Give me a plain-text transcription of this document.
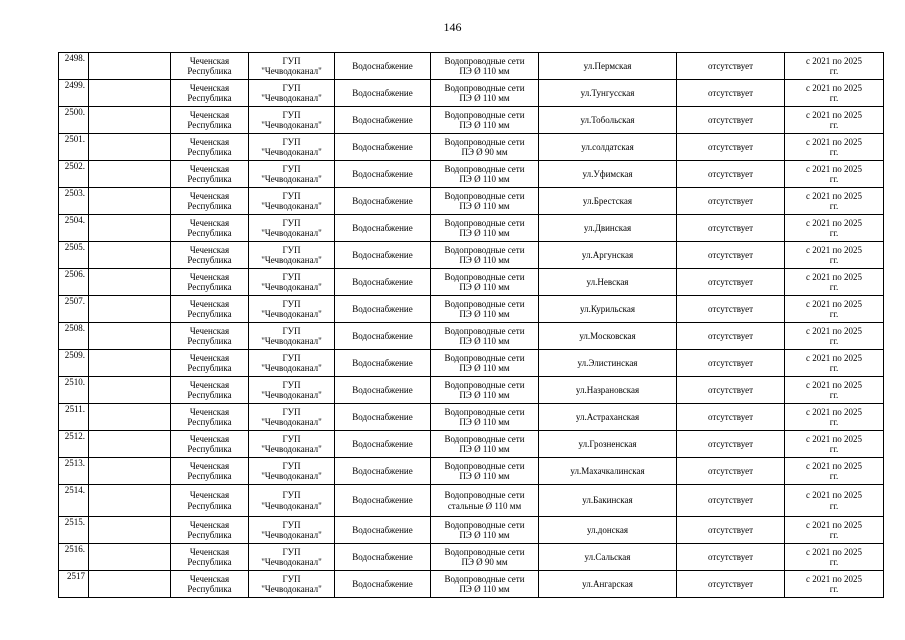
146
2498.		Чеченская
Республика	ГУП
"Чечводоканал"	Водоснабжение	Водопроводные сети
ПЭ Ø 110 мм	ул.Пермская	отсутствует	с 2021 по 2025
гг.

2499.		Чеченская
Республика	ГУП
"Чечводоканал"	Водоснабжение	Водопроводные сети
ПЭ Ø 110 мм	ул.Тунгусская	отсутствует	с 2021 по 2025
гг.

2500.		Чеченская
Республика	ГУП
"Чечводоканал"	Водоснабжение	Водопроводные сети
ПЭ Ø 110 мм	ул.Тобольская	отсутствует	с 2021 по 2025
гг.

2501.		Чеченская
Республика	ГУП
"Чечводоканал"	Водоснабжение	Водопроводные сети
ПЭ Ø 90 мм	ул.солдатская	отсутствует	с 2021 по 2025
гг.

2502.		Чеченская
Республика	ГУП
"Чечводоканал"	Водоснабжение	Водопроводные сети
ПЭ Ø 110 мм	ул.Уфимская	отсутствует	с 2021 по 2025
гг.

2503.		Чеченская
Республика	ГУП
"Чечводоканал"	Водоснабжение	Водопроводные сети
ПЭ Ø 110 мм	ул.Брестская	отсутствует	с 2021 по 2025
гг.

2504.		Чеченская
Республика	ГУП
"Чечводоканал"	Водоснабжение	Водопроводные сети
ПЭ Ø 110 мм	ул.Двинская	отсутствует	с 2021 по 2025
гг.

2505.		Чеченская
Республика	ГУП
"Чечводоканал"	Водоснабжение	Водопроводные сети
ПЭ Ø 110 мм	ул.Аргунская	отсутствует	с 2021 по 2025
гг.

2506.		Чеченская
Республика	ГУП
"Чечводоканал"	Водоснабжение	Водопроводные сети
ПЭ Ø 110 мм	ул.Невская	отсутствует	с 2021 по 2025
гг.

2507.		Чеченская
Республика	ГУП
"Чечводоканал"	Водоснабжение	Водопроводные сети
ПЭ Ø 110 мм	ул.Курильская	отсутствует	с 2021 по 2025
гг.

2508.		Чеченская
Республика	ГУП
"Чечводоканал"	Водоснабжение	Водопроводные сети
ПЭ Ø 110 мм	ул.Московская	отсутствует	с 2021 по 2025
гг.

2509.		Чеченская
Республика	ГУП
"Чечводоканал"	Водоснабжение	Водопроводные сети
ПЭ Ø 110 мм	ул.Элистинская	отсутствует	с 2021 по 2025
гг.

2510.		Чеченская
Республика	ГУП
"Чечводоканал"	Водоснабжение	Водопроводные сети
ПЭ Ø 110 мм	ул.Назрановская	отсутствует	с 2021 по 2025
гг.

2511.		Чеченская
Республика	ГУП
"Чечводоканал"	Водоснабжение	Водопроводные сети
ПЭ Ø 110 мм	ул.Астраханская	отсутствует	с 2021 по 2025
гг.

2512.		Чеченская
Республика	ГУП
"Чечводоканал"	Водоснабжение	Водопроводные сети
ПЭ Ø 110 мм	ул.Грозненская	отсутствует	с 2021 по 2025
гг.

2513.		Чеченская
Республика	ГУП
"Чечводоканал"	Водоснабжение	Водопроводные сети
ПЭ Ø 110 мм	ул.Махачкалинская	отсутствует	с 2021 по 2025
гг.

2514.		Чеченская
Республика	ГУП
"Чечводоканал"	Водоснабжение	Водопроводные сети
стальные Ø 110 мм	ул.Бакинская	отсутствует	с 2021 по 2025
гг.

2515.		Чеченская
Республика	ГУП
"Чечводоканал"	Водоснабжение	Водопроводные сети
ПЭ Ø 110 мм	ул.донская	отсутствует	с 2021 по 2025
гг.

2516.		Чеченская
Республика	ГУП
"Чечводоканал"	Водоснабжение	Водопроводные сети
ПЭ Ø 90 мм	ул.Сальская	отсутствует	с 2021 по 2025
гг.

2517		Чеченская
Республика	ГУП
"Чечводоканал"	Водоснабжение	Водопроводные сети
ПЭ Ø 110 мм	ул.Ангарская	отсутствует	с 2021 по 2025
гг.
